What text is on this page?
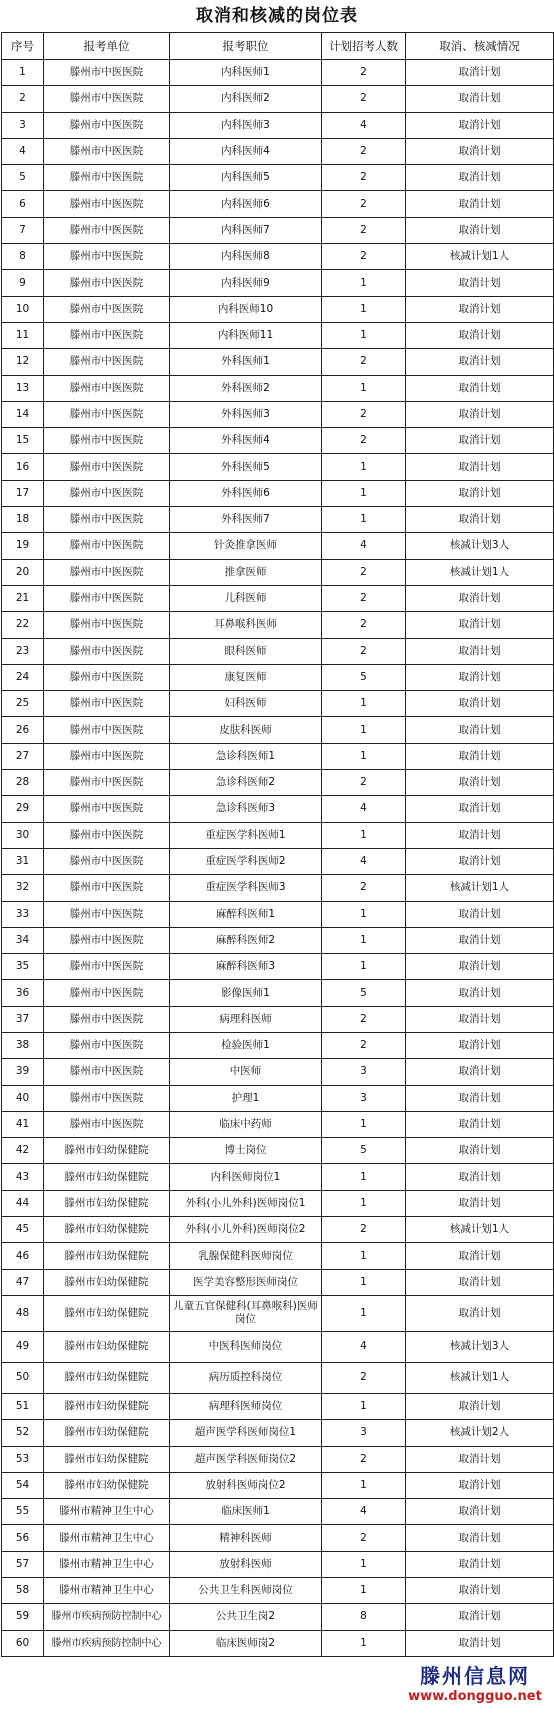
取消和核减的岗位表
序号	报考单位	报考职位	计划招考人数	取消、核减情况
1	滕州市中医医院	内科医师1	2	取消计划
2	滕州市中医医院	内科医师2	2	取消计划
3	滕州市中医医院	内科医师3	4	取消计划
4	滕州市中医医院	内科医师4	2	取消计划
5	滕州市中医医院	内科医师5	2	取消计划
6	滕州市中医医院	内科医师6	2	取消计划
7	滕州市中医医院	内科医师7	2	取消计划
8	滕州市中医医院	内科医师8	2	核减计划1人
9	滕州市中医医院	内科医师9	1	取消计划
10	滕州市中医医院	内科医师10	1	取消计划
11	滕州市中医医院	内科医师11	1	取消计划
12	滕州市中医医院	外科医师1	2	取消计划
13	滕州市中医医院	外科医师2	1	取消计划
14	滕州市中医医院	外科医师3	2	取消计划
15	滕州市中医医院	外科医师4	2	取消计划
16	滕州市中医医院	外科医师5	1	取消计划
17	滕州市中医医院	外科医师6	1	取消计划
18	滕州市中医医院	外科医师7	1	取消计划
19	滕州市中医医院	针灸推拿医师	4	核减计划3人
20	滕州市中医医院	推拿医师	2	核减计划1人
21	滕州市中医医院	儿科医师	2	取消计划
22	滕州市中医医院	耳鼻喉科医师	2	取消计划
23	滕州市中医医院	眼科医师	2	取消计划
24	滕州市中医医院	康复医师	5	取消计划
25	滕州市中医医院	妇科医师	1	取消计划
26	滕州市中医医院	皮肤科医师	1	取消计划
27	滕州市中医医院	急诊科医师1	1	取消计划
28	滕州市中医医院	急诊科医师2	2	取消计划
29	滕州市中医医院	急诊科医师3	4	取消计划
30	滕州市中医医院	重症医学科医师1	1	取消计划
31	滕州市中医医院	重症医学科医师2	4	取消计划
32	滕州市中医医院	重症医学科医师3	2	核减计划1人
33	滕州市中医医院	麻醉科医师1	1	取消计划
34	滕州市中医医院	麻醉科医师2	1	取消计划
35	滕州市中医医院	麻醉科医师3	1	取消计划
36	滕州市中医医院	影像医师1	5	取消计划
37	滕州市中医医院	病理科医师	2	取消计划
38	滕州市中医医院	检验医师1	2	取消计划
39	滕州市中医医院	中医师	3	取消计划
40	滕州市中医医院	护理1	3	取消计划
41	滕州市中医医院	临床中药师	1	取消计划
42	滕州市妇幼保健院	博士岗位	5	取消计划
43	滕州市妇幼保健院	内科医师岗位1	1	取消计划
44	滕州市妇幼保健院	外科(小儿外科)医师岗位1	1	取消计划
45	滕州市妇幼保健院	外科(小儿外科)医师岗位2	2	核减计划1人
46	滕州市妇幼保健院	乳腺保健科医师岗位	1	取消计划
47	滕州市妇幼保健院	医学美容整形医师岗位	1	取消计划
48	滕州市妇幼保健院	儿童五官保健科(耳鼻喉科)医师岗位	1	取消计划
49	滕州市妇幼保健院	中医科医师岗位	4	核减计划3人
50	滕州市妇幼保健院	病历质控科岗位	2	核减计划1人
51	滕州市妇幼保健院	病理科医师岗位	1	取消计划
52	滕州市妇幼保健院	超声医学科医师岗位1	3	核减计划2人
53	滕州市妇幼保健院	超声医学科医师岗位2	2	取消计划
54	滕州市妇幼保健院	放射科医师岗位2	1	取消计划
55	滕州市精神卫生中心	临床医师1	4	取消计划
56	滕州市精神卫生中心	精神科医师	2	取消计划
57	滕州市精神卫生中心	放射科医师	1	取消计划
58	滕州市精神卫生中心	公共卫生科医师岗位	1	取消计划
59	滕州市疾病预防控制中心	公共卫生岗2	8	取消计划
60	滕州市疾病预防控制中心	临床医师岗2	1	取消计划
滕州信息网
www.dongguo.net
